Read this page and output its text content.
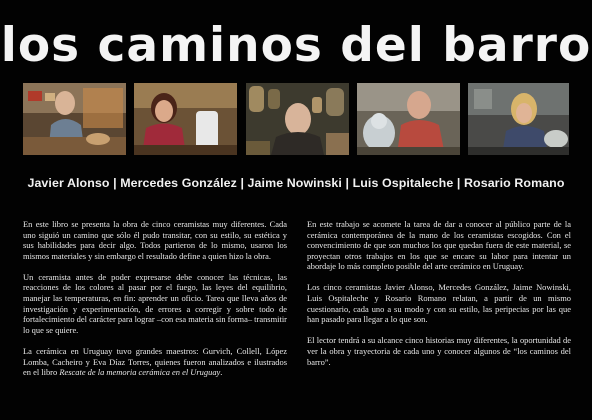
los caminos del barro
Javier Alonso | Mercedes González | Jaime Nowinski | Luis Ospitaleche | Rosario Romano

En este libro se presenta la obra de cinco ceramistas muy diferentes. Cada uno siguió un camino que sólo él pudo transitar, con su estilo, su estética y sus habilidades para decir algo. Todos partieron de lo mismo, usaron los mismos materiales y sin embargo el resultado define a quien hizo la obra.

Un ceramista antes de poder expresarse debe conocer las técnicas, las reacciones de los colores al pasar por el fuego, las leyes del equilibrio, manejar las temperaturas, en fin: aprender un oficio. Tarea que lleva años de investigación y experimentación, de errores a corregir y sobre todo de fortalecimiento del carácter para lograr –con esa materia sin forma– transmitir lo que se quiere.

La cerámica en Uruguay tuvo grandes maestros: Gurvich, Collell, López Lomba, Cacheiro y Eva Díaz Torres, quienes fueron analizados e ilustrados en el libro Rescate de la memoria cerámica en el Uruguay.

En este trabajo se acomete la tarea de dar a conocer al público parte de la cerámica contemporánea de la mano de los ceramistas escogidos. Con el convencimiento de que son muchos los que quedan fuera de este material, se proyectan otros trabajos en los que se encare su labor para intentar un abordaje lo más completo posible del arte cerámico en Uruguay.

Los cinco ceramistas Javier Alonso, Mercedes González, Jaime Nowinski, Luis Ospitaleche y Rosario Romano relatan, a partir de un mismo cuestionario, cada uno a su modo y con su estilo, las peripecias por las que han pasado para llegar a lo que son.

El lector tendrá a su alcance cinco historias muy diferentes, la oportunidad de ver la obra y trayectoria de cada uno y conocer algunos de “los caminos del barro”.
